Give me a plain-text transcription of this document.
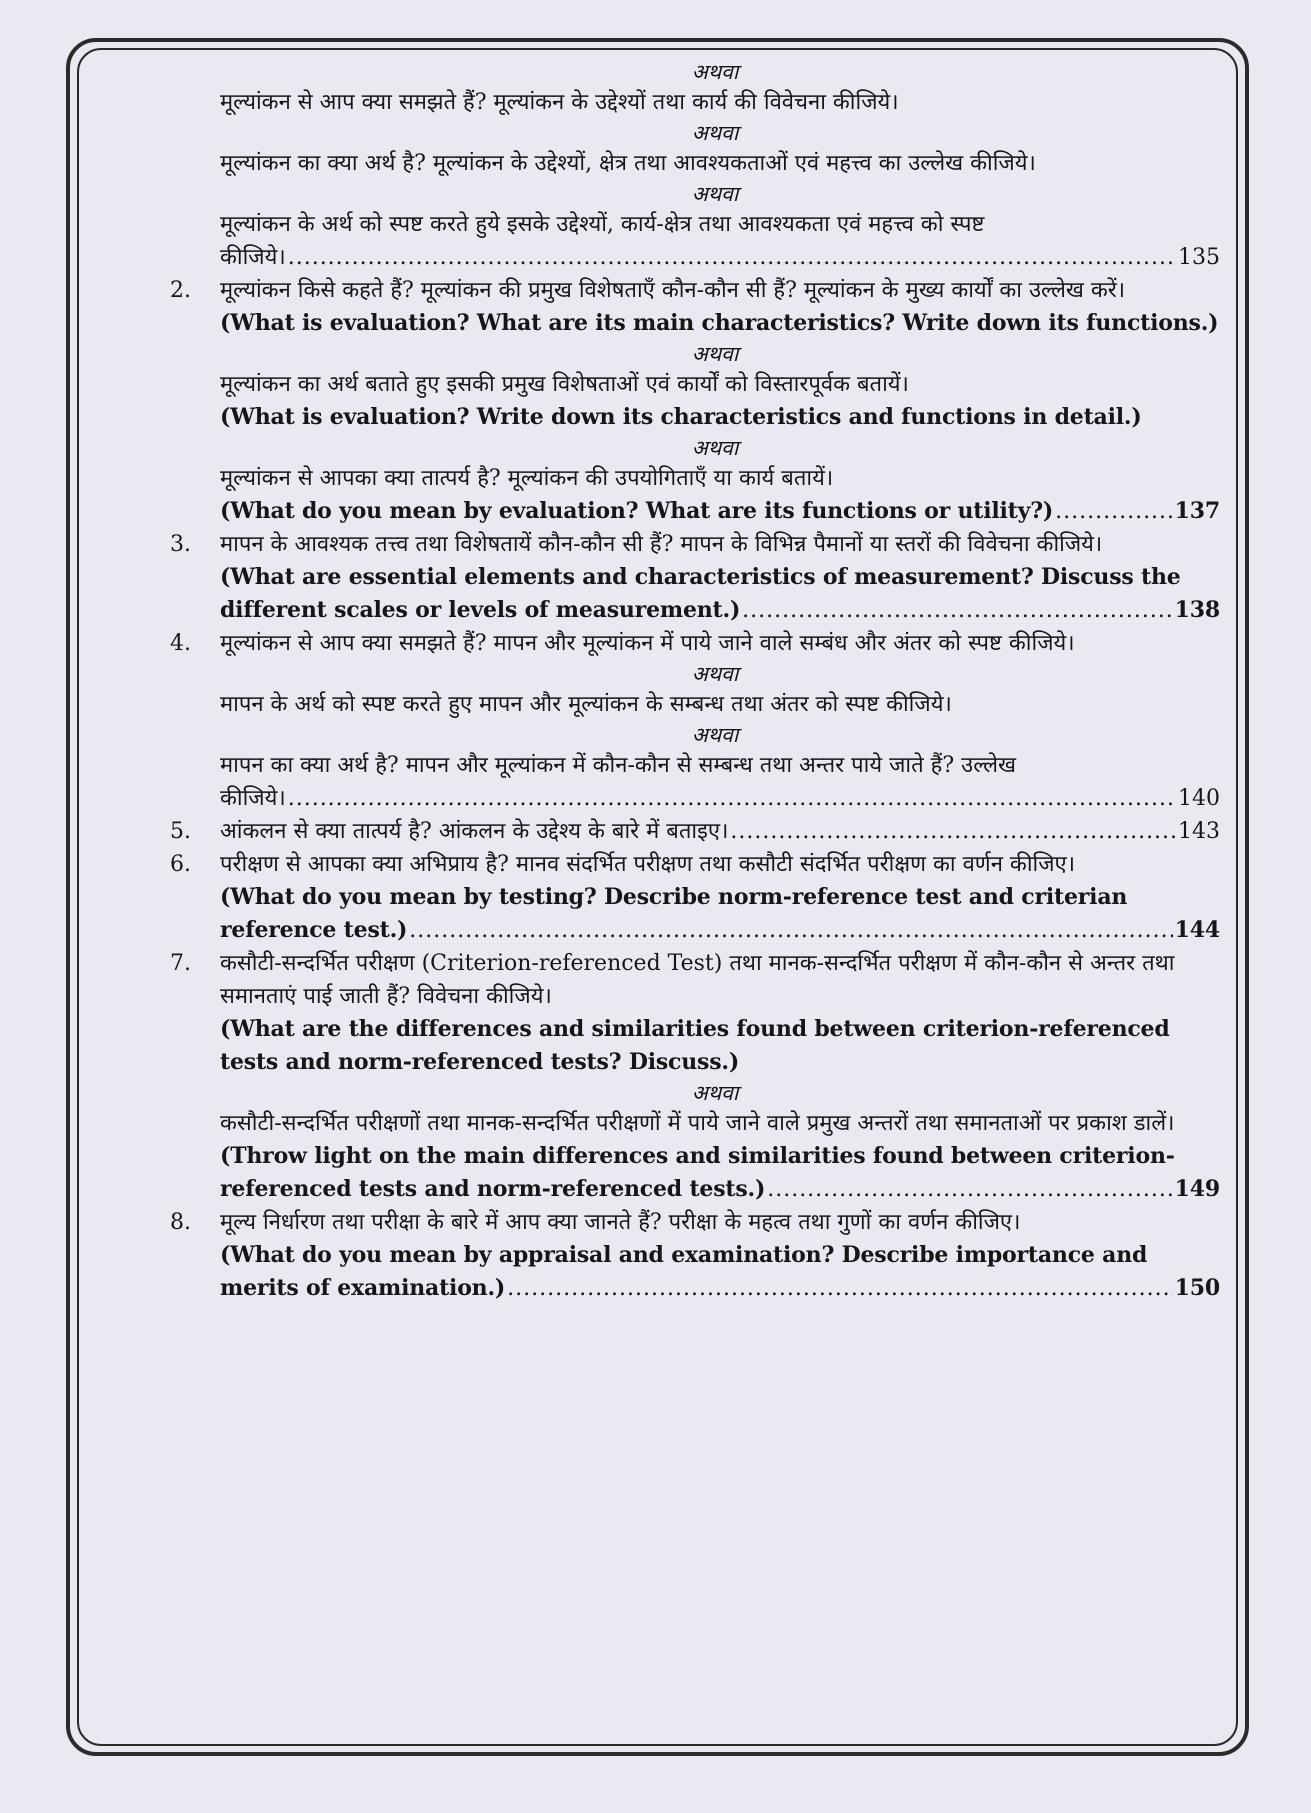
अथवा
मूल्यांकन से आप क्या समझते हैं? मूल्यांकन के उद्देश्यों तथा कार्य की विवेचना कीजिये।
अथवा
मूल्यांकन का क्या अर्थ है? मूल्यांकन के उद्देश्यों, क्षेत्र तथा आवश्यकताओं एवं महत्त्व का उल्लेख कीजिये।
अथवा
मूल्यांकन के अर्थ को स्पष्ट करते हुये इसके उद्देश्यों, कार्य-क्षेत्र तथा आवश्यकता एवं महत्त्व को स्पष्ट
कीजिये। .....	135
2.	मूल्यांकन किसे कहते हैं? मूल्यांकन की प्रमुख विशेषताएँ कौन-कौन सी हैं? मूल्यांकन के मुख्य कार्यों का उल्लेख करें।
(What is evaluation? What are its main characteristics? Write down its functions.)
अथवा
मूल्यांकन का अर्थ बताते हुए इसकी प्रमुख विशेषताओं एवं कार्यों को विस्तारपूर्वक बतायें।
(What is evaluation? Write down its characteristics and functions in detail.)
अथवा
मूल्यांकन से आपका क्या तात्पर्य है? मूल्यांकन की उपयोगिताएँ या कार्य बतायें।
(What do you mean by evaluation? What are its functions or utility?) .....	137
3.	मापन के आवश्यक तत्त्व तथा विशेषतायें कौन-कौन सी हैं? मापन के विभिन्न पैमानों या स्तरों की विवेचना कीजिये।
(What are essential elements and characteristics of measurement? Discuss the
different scales or levels of measurement.) .....	138
4.	मूल्यांकन से आप क्या समझते हैं? मापन और मूल्यांकन में पाये जाने वाले सम्बंध और अंतर को स्पष्ट कीजिये।
अथवा
मापन के अर्थ को स्पष्ट करते हुए मापन और मूल्यांकन के सम्बन्ध तथा अंतर को स्पष्ट कीजिये।
अथवा
मापन का क्या अर्थ है? मापन और मूल्यांकन में कौन-कौन से सम्बन्ध तथा अन्तर पाये जाते हैं? उल्लेख
कीजिये। .....	140
5.	आंकलन से क्या तात्पर्य है? आंकलन के उद्देश्य के बारे में बताइए। .....	143
6.	परीक्षण से आपका क्या अभिप्राय है? मानव संदर्भित परीक्षण तथा कसौटी संदर्भित परीक्षण का वर्णन कीजिए।
(What do you mean by testing? Describe norm-reference test and criterian
reference test.) .....	144
7.	कसौटी-सन्दर्भित परीक्षण (Criterion-referenced Test) तथा मानक-सन्दर्भित परीक्षण में कौन-कौन से अन्तर तथा समानताएं पाई जाती हैं? विवेचना कीजिये।
(What are the differences and similarities found between criterion-referenced tests and norm-referenced tests? Discuss.)
अथवा
कसौटी-सन्दर्भित परीक्षणों तथा मानक-सन्दर्भित परीक्षणों में पाये जाने वाले प्रमुख अन्तरों तथा समानताओं पर प्रकाश डालें।
(Throw light on the main differences and similarities found between criterion-
referenced tests and norm-referenced tests.) .....	149
8.	मूल्य निर्धारण तथा परीक्षा के बारे में आप क्या जानते हैं? परीक्षा के महत्व तथा गुणों का वर्णन कीजिए।
(What do you mean by appraisal and examination? Describe importance and
merits of examination.) .....	150
